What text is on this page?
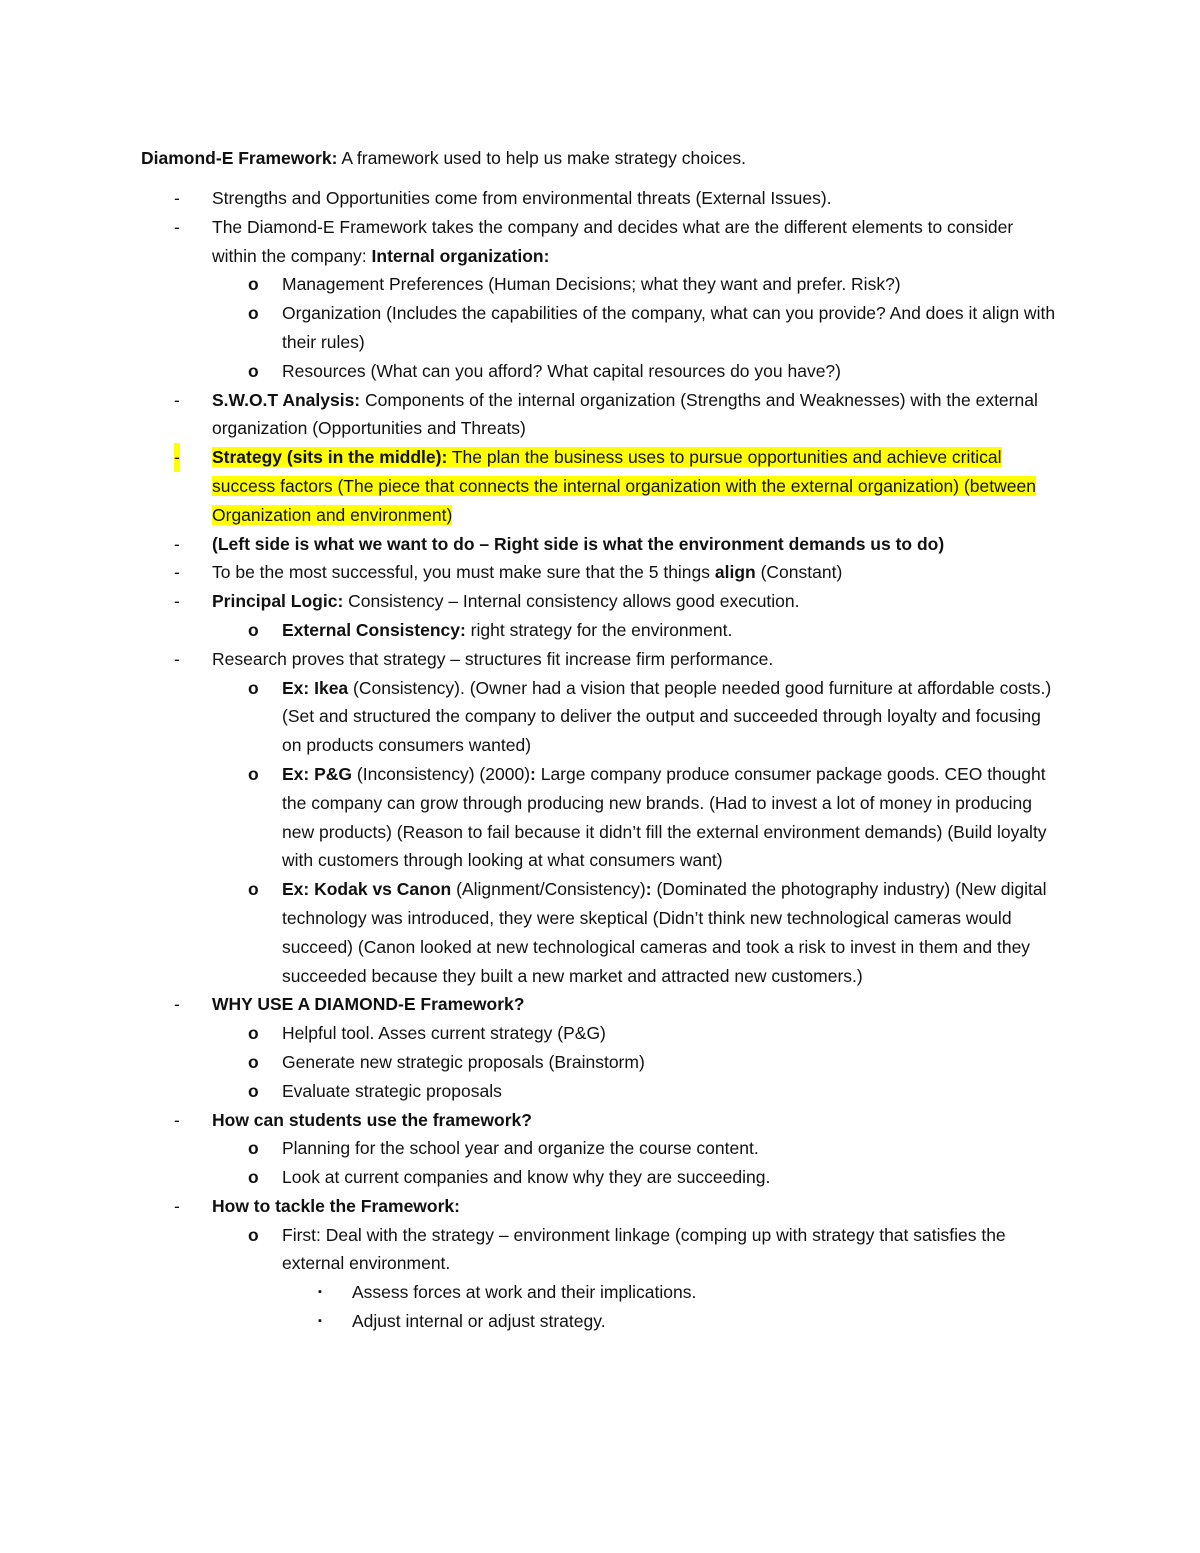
Diamond-E Framework: A framework used to help us make strategy choices.
- Strengths and Opportunities come from environmental threats (External Issues).
- The Diamond-E Framework takes the company and decides what are the different elements to consider within the company: Internal organization:
o Management Preferences (Human Decisions; what they want and prefer. Risk?)
o Organization (Includes the capabilities of the company, what can you provide? And does it align with their rules)
o Resources (What can you afford? What capital resources do you have?)
- S.W.O.T Analysis: Components of the internal organization (Strengths and Weaknesses) with the external organization (Opportunities and Threats)
- Strategy (sits in the middle): The plan the business uses to pursue opportunities and achieve critical success factors (The piece that connects the internal organization with the external organization) (between Organization and environment)
- (Left side is what we want to do – Right side is what the environment demands us to do)
- To be the most successful, you must make sure that the 5 things align (Constant)
- Principal Logic: Consistency – Internal consistency allows good execution.
o External Consistency: right strategy for the environment.
- Research proves that strategy – structures fit increase firm performance.
o Ex: Ikea (Consistency). (Owner had a vision that people needed good furniture at affordable costs.) (Set and structured the company to deliver the output and succeeded through loyalty and focusing on products consumers wanted)
o Ex: P&G (Inconsistency) (2000): Large company produce consumer package goods. CEO thought the company can grow through producing new brands. (Had to invest a lot of money in producing new products) (Reason to fail because it didn’t fill the external environment demands) (Build loyalty with customers through looking at what consumers want)
o Ex: Kodak vs Canon (Alignment/Consistency): (Dominated the photography industry) (New digital technology was introduced, they were skeptical (Didn’t think new technological cameras would succeed) (Canon looked at new technological cameras and took a risk to invest in them and they succeeded because they built a new market and attracted new customers.)
- WHY USE A DIAMOND-E Framework?
o Helpful tool. Asses current strategy (P&G)
o Generate new strategic proposals (Brainstorm)
o Evaluate strategic proposals
- How can students use the framework?
o Planning for the school year and organize the course content.
o Look at current companies and know why they are succeeding.
- How to tackle the Framework:
o First: Deal with the strategy – environment linkage (comping up with strategy that satisfies the external environment.
▪ Assess forces at work and their implications.
▪ Adjust internal or adjust strategy.
